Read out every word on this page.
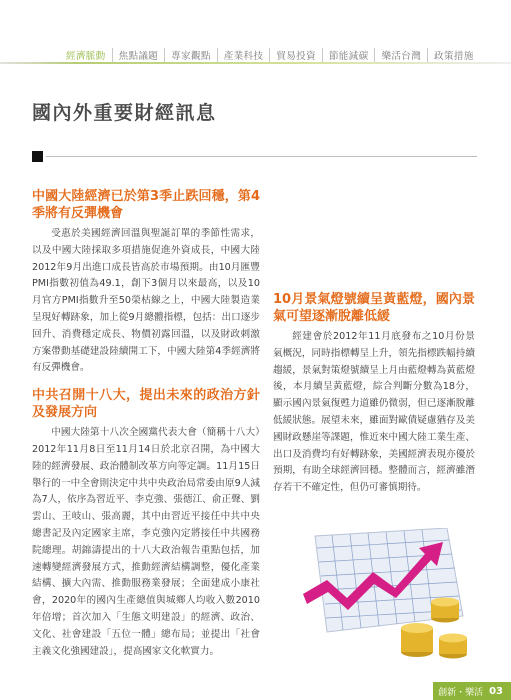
經濟脈動	焦點議題	專家觀點	產業科技	貿易投資	節能減碳	樂活台灣	政策措施
國內外重要財經訊息
中國大陸經濟已於第3季止跌回穩，第4季將有反彈機會

受惠於美國經濟回溫與聖誕訂單的季節性需求，以及中國大陸採取多項措施促進外資成長，中國大陸2012年9月出進口成長皆高於市場預期。由10月匯豐PMI指數初值為49.1，創下3個月以來最高，以及10月官方PMI指數升至50榮枯線之上，中國大陸製造業呈現好轉跡象，加上從9月總體指標，包括：出口逐步回升、消費穩定成長、物價初露回溫，以及財政刺激方案帶動基礎建設陸續開工下，中國大陸第4季經濟將有反彈機會。

中共召開十八大，提出未來的政治方針及發展方向

中國大陸第十八次全國黨代表大會（簡稱十八大）2012年11月8日至11月14日於北京召開，為中國大陸的經濟發展、政治體制改革方向等定調。11月15日舉行的一中全會則決定中共中央政治局常委由原9人減為7人，依序為習近平、李克強、張德江、俞正聲、劉雲山、王岐山、張高麗，其中由習近平接任中共中央總書記及內定國家主席，李克強內定將接任中共國務院總理。胡錦濤提出的十八大政治報告重點包括，加速轉變經濟發展方式，推動經濟結構調整，優化產業結構、擴大內需、推動服務業發展；全面建成小康社會，2020年的國內生產總值與城鄉人均收入數2010年倍增；首次加入「生態文明建設」的經濟、政治、文化、社會建設「五位一體」總布局；並提出「社會主義文化強國建設」，提高國家文化軟實力。

10月景氣燈號續呈黃藍燈，國內景氣可望逐漸脫離低緩

經建會於2012年11月底發布之10月份景氣概況，同時指標轉呈上升，領先指標跌幅持續趨緩，景氣對策燈號續呈上月由藍燈轉為黃藍燈後，本月續呈黃藍燈，綜合判斷分數為18分，顯示國內景氣復甦力道雖仍微弱，但已逐漸脫離低緩狀態。展望未來，雖面對歐債疑慮猶存及美國財政懸崖等課題，惟近來中國大陸工業生產、出口及消費均有好轉跡象，美國經濟表現亦優於預期，有助全球經濟回穩。整體而言，經濟雖潛存若干不確定性，但仍可審慎期待。

創新・樂活 03
